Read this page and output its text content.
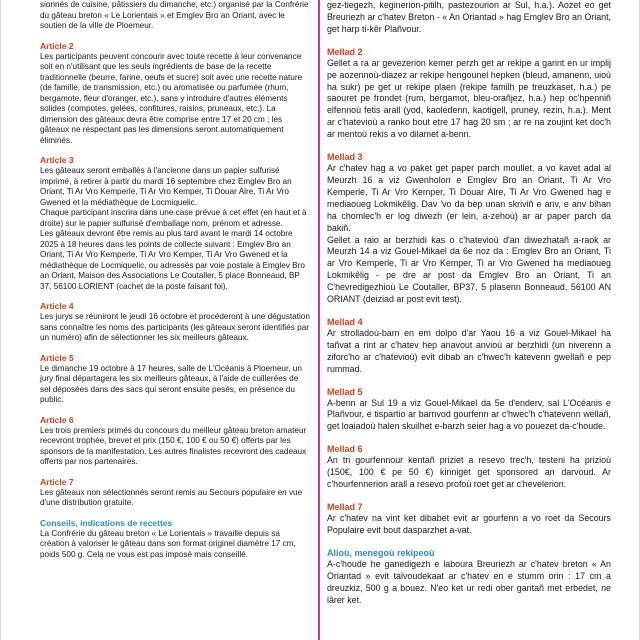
sionnés de cuisine, pâtissiers du dimanche, etc.) organisé par la Confrérie du gâteau breton « Le Lorientais » et Emglev Bro an Oriant, avec le soutien de la ville de Ploemeur.

Article 2

Les participants peuvent concourir avec toute recette à leur convenance soit en n'utilisant que les seuls ingrédients de base de la recette traditionnelle (beurre, farine, oeufs et sucre) soit avec une recette nature (de famille, de transmission, etc.) ou aromatisée ou parfumée (rhum, bergamote, fleur d'oranger, etc.), sans y introduire d'autres éléments solides (compotes, gelées, confitures, raisins, pruneaux, etc.). La dimension des gâteaux devra être comprise entre 17 et 20 cm ; les gâteaux ne respectant pas les dimensions seront automatiquement éliminés.

Article 3

Les gâteaux seront emballés à l'ancienne dans un papier sulfurisé imprimé, à retirer à partir du mardi 16 septembre chez Emglev Bro an Oriant, Ti Ar Vro Kemperle, Ti Ar Vro Kemper, Ti Douar Alre, Ti Ar Vro Gwened et la médiathèque de Locmiquelic.
Chaque participant inscrira dans une case prévue à cet effet (en haut et à droite) sur le papier sulfurisé d'emballage nom, prénom et adresse.
Les gâteaux devront être remis au plus tard avant le mardi 14 octobre 2025 à 18 heures dans les points de collecte suivant : Emglev Bro an Oriant, Ti Ar Vro Kemperle, Ti Ar Vro Kemper, Ti Ar Vro Gwened et la médiathèque de Locmiquelic, ou adressés par voie postale à Emglev Bro an Oriant, Maison des Associations Le Coutaller, 5 place Bonneaud, BP 37, 56100 LORIENT (cachet de la poste faisant foi).

Article 4

Les jurys se réuniront le jeudi 16 octobre et procéderont à une dégustation sans connaître les noms des participants (les gâteaux seront identifiés par un numéro) afin de sélectionner les six meilleurs gâteaux.

Article 5

Le dimanche 19 octobre à 17 heures, salle de L'Océanis à Ploemeur, un jury final départagera les six meilleurs gâteaux, à l'aide de cuillerées de sel déposées dans des sacs qui seront ensuite pesés, en présence du public.

Article 6

Les trois premiers primés du concours du meilleur gâteau breton amateur recevront trophée, brevet et prix (150 €, 100 € ou 50 €) offerts par les sponsors de la manifestation. Les autres finalistes recevront des cadeaux offerts par nos partenaires.

Article 7

Les gâteaux non sélectionnés seront remis au Secours populaire en vue d'une distribution gratuite.

Conseils, indications de recettes

La Confrérie du gâteau breton « Le Lorientais » travaille depuis sa création à valoriser le gâteau dans son format originel diamètre 17 cm, poids 500 g. Cela ne vous est pas imposé mais conseillé.

gez-tiegezh, keginerion-pitilh, pastezourion ar Sul, h.a.). Aozet eo get Breuriezh ar c'hatev Breton - « An Oriantad » hag Emglev Bro an Oriant, get harp ti-kêr Plañvour.

Mellad 2

Gellet a ra ar gevezerion kemer perzh get ar rekipe a garint en ur implij pe aozennoù-diazez ar rekipe hengounel hepken (bleud, amanenn, uioù ha sukr) pe get ur rekipe plaen (rekipe familh pe treuzkaset, h.a.) pe saouret pe frondet (rum, bergamot, bleu-orañjez, h.a.) hep oc'hpenniñ elfennoù fetis arall (yod, kaoledenn, kaotigell, pruney, rezin, h.a.). Ment ar c'hatevioù a ranko bout etre 17 hag 20 sm ; ar re na zoujint ket doc'h ar mentoù rekis a vo dilamet a-benn.

Mellad 3

Ar c'hatev hag a vo paket get paper parch moullet, a vo kavet adal al Meurzh 16 a viz Gwenholon e Emglev Bro an Oriant, Ti Ar Vro Kemperle, Ti Ar Vro Kemper, Ti Douar Alre, Ti Ar Vro Gwened hag e mediaoueg Lokmikêlig. Dav 'vo da bep unan skriviñ e anv, e anv bihan ha chomlec'h er log diwezh (er lein, a-zehoù) ar ar paper parch da bakiñ.
Gellet a raio ar berzhidi kas o c'hatevioù d'an diwezhatañ a-raok ar Meurzh 14 a viz Gouel-Mikael da 6e noz da : Emglev Bro an Oriant, Ti ar Vro Kemperle, Ti ar Vro Kemper, Ti ar Vro Gwened ha mediaoueg Lokmikêlig - pe dre ar post da Emglev Bro an Oriant, Ti an C'hevredigezhioù Le Coutaller, BP37, 5 plasenn Bonneaud, 56100 AN ORIANT (deiziad ar post evit test).

Mellad 4

Ar strolladoù-barn en em dolpo d'ar Yaou 16 a viz Gouel-Mikael ha tañvat a rint ar c'hatev hep anavout anvioù ar berzhidi (un niverenn a ziforc'ho ar c'hatevioù) evit dibab an c'hwec'h katevenn gwellañ e pep rummad.

Mellad 5

A-benn ar Sul 19 a viz Gouel-Mikael da 5e d'enderv, sal L'Océanis e Plañvour, e tispartio ar barnvod gourfenn ar c'hwec'h c'hatevenn wellañ, get loaiadoù halen skuilhet e-barzh seier hag a vo pouezet da-c'houde.

Mellad 6

An tri gourfennour kentañ priziet a resevo trec'h, testeni ha prizioù (150€, 100 € pe 50 €) kinniget get sponsored an darvoud. Ar c'hourfennerion arall a resevo profoù roet get ar c'hevelerion.

Mellad 7

Ar c'hatev na vint ket dibabet evit ar gourfenn a vo roet da Secours Populaire evit bout dasparzhet a-vat.

Alioù, menegoù rekipeoù

A-c'houde he ganedigezh e laboura Breuriezh ar c'hatev breton « An Oriantad » evit talvoudekaat ar c'hatev en e stumm orin : 17 cm a dreuzkiz, 500 g a bouez. N'eo ket ur redi ober gantañ met erbedet, ne lârer ket.
